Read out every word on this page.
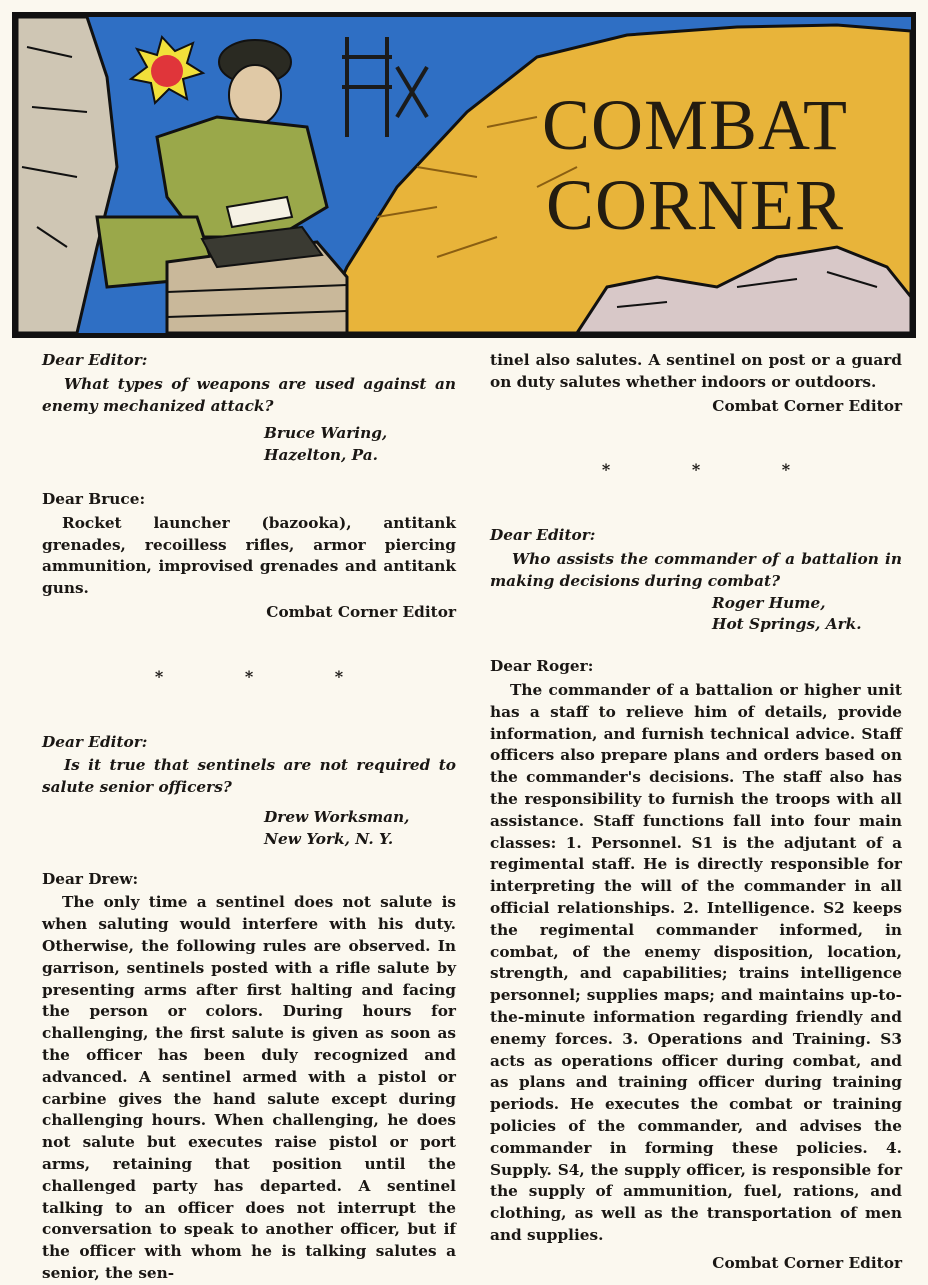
COMBAT
CORNER

Dear Editor:

What types of weapons are used against an enemy mechanized attack?

Bruce Waring,
Hazelton, Pa.

Dear Bruce:

Rocket launcher (bazooka), antitank grenades, recoilless rifles, armor piercing ammunition, improvised grenades and antitank guns.

Combat Corner Editor

* * *

Dear Editor:

Is it true that sentinels are not required to salute senior officers?

Drew Worksman,
New York, N. Y.

Dear Drew:

The only time a sentinel does not salute is when saluting would interfere with his duty. Otherwise, the following rules are observed. In garrison, sentinels posted with a rifle salute by presenting arms after first halting and facing the person or colors. During hours for challenging, the first salute is given as soon as the officer has been duly recognized and advanced. A sentinel armed with a pistol or carbine gives the hand salute except during challenging hours. When challenging, he does not salute but executes raise pistol or port arms, retaining that position until the challenged party has departed. A sentinel talking to an officer does not interrupt the conversation to speak to another officer, but if the officer with whom he is talking salutes a senior, the sen-

tinel also salutes. A sentinel on post or a guard on duty salutes whether indoors or outdoors.

Combat Corner Editor

* * *

Dear Editor:

Who assists the commander of a battalion in making decisions during combat?

Roger Hume,
Hot Springs, Ark.

Dear Roger:

The commander of a battalion or higher unit has a staff to relieve him of details, provide information, and furnish technical advice. Staff officers also prepare plans and orders based on the commander's decisions. The staff also has the responsibility to furnish the troops with all assistance. Staff functions fall into four main classes: 1. Personnel. S1 is the adjutant of a regimental staff. He is directly responsible for interpreting the will of the commander in all official relationships. 2. Intelligence. S2 keeps the regimental commander informed, in combat, of the enemy disposition, location, strength, and capabilities; trains intelligence personnel; supplies maps; and maintains up-to-the-minute information regarding friendly and enemy forces. 3. Operations and Training. S3 acts as operations officer during combat, and as plans and training officer during training periods. He executes the combat or training policies of the commander, and advises the commander in forming these policies. 4. Supply. S4, the supply officer, is responsible for the supply of ammunition, fuel, rations, and clothing, as well as the transportation of men and supplies.

Combat Corner Editor
